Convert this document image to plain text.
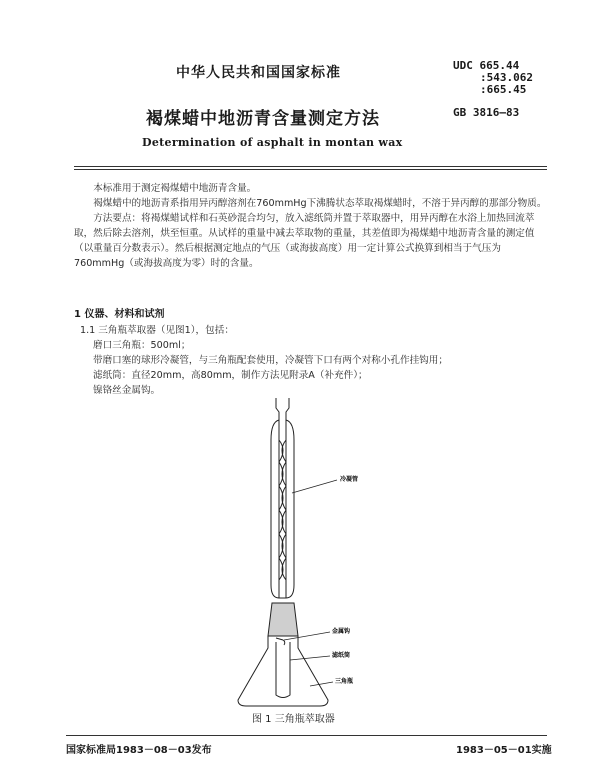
中华人民共和国国家标准	UDC 665.44
:543.062
:665.45
褐煤蜡中地沥青含量测定方法	GB 3816—83
Determination of asphalt in montan wax

本标准用于测定褐煤蜡中地沥青含量。

褐煤蜡中的地沥青系指用异丙醇溶剂在760mmHg下沸腾状态萃取褐煤蜡时，不溶于异丙醇的那部分物质。

方法要点：将褐煤蜡试样和石英砂混合均匀，放入滤纸筒并置于萃取器中，用异丙醇在水浴上加热回流萃取，然后除去溶剂，烘至恒重。从试样的重量中减去萃取物的重量，其差值即为褐煤蜡中地沥青含量的测定值（以重量百分数表示）。然后根据测定地点的气压（或海拔高度）用一定计算公式换算到相当于气压为760mmHg（或海拔高度为零）时的含量。

1 仪器、材料和试剂
1.1 三角瓶萃取器（见图1），包括：
磨口三角瓶：500ml；
带磨口塞的球形冷凝管，与三角瓶配套使用，冷凝管下口有两个对称小孔作挂钩用；
滤纸筒：直径20mm，高80mm，制作方法见附录A（补充件）；
镍铬丝金属钩。
冷凝管
金属钩
滤纸筒
三角瓶
图 1 三角瓶萃取器
国家标准局1983－08－03发布	1983－05－01实施
